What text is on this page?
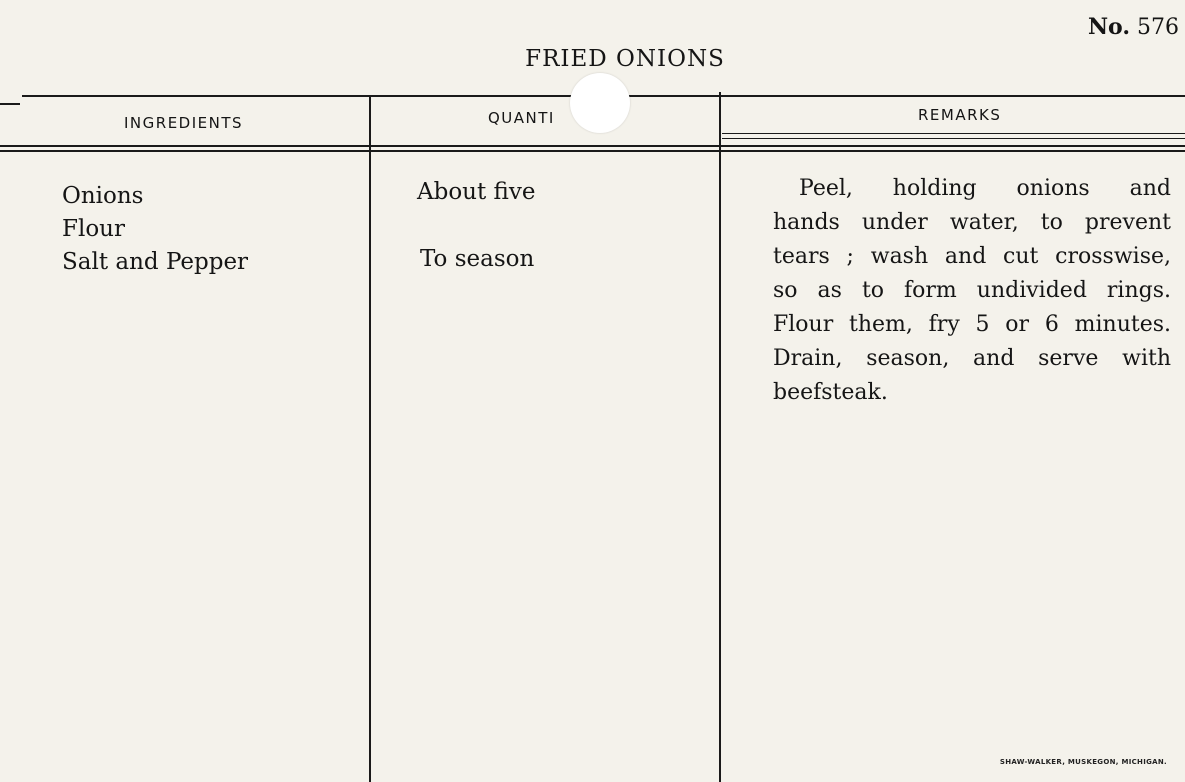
No. 576
FRIED ONIONS
INGREDIENTS	QUANTI	REMARKS
Onions
Flour
Salt and Pepper
About five
To season
Peel, holding onions and
hands under water, to prevent
tears ; wash and cut crosswise,
so as to form undivided rings.
Flour them, fry 5 or 6 minutes.
Drain, season, and serve with
beefsteak.
SHAW-WALKER, MUSKEGON, MICHIGAN.
